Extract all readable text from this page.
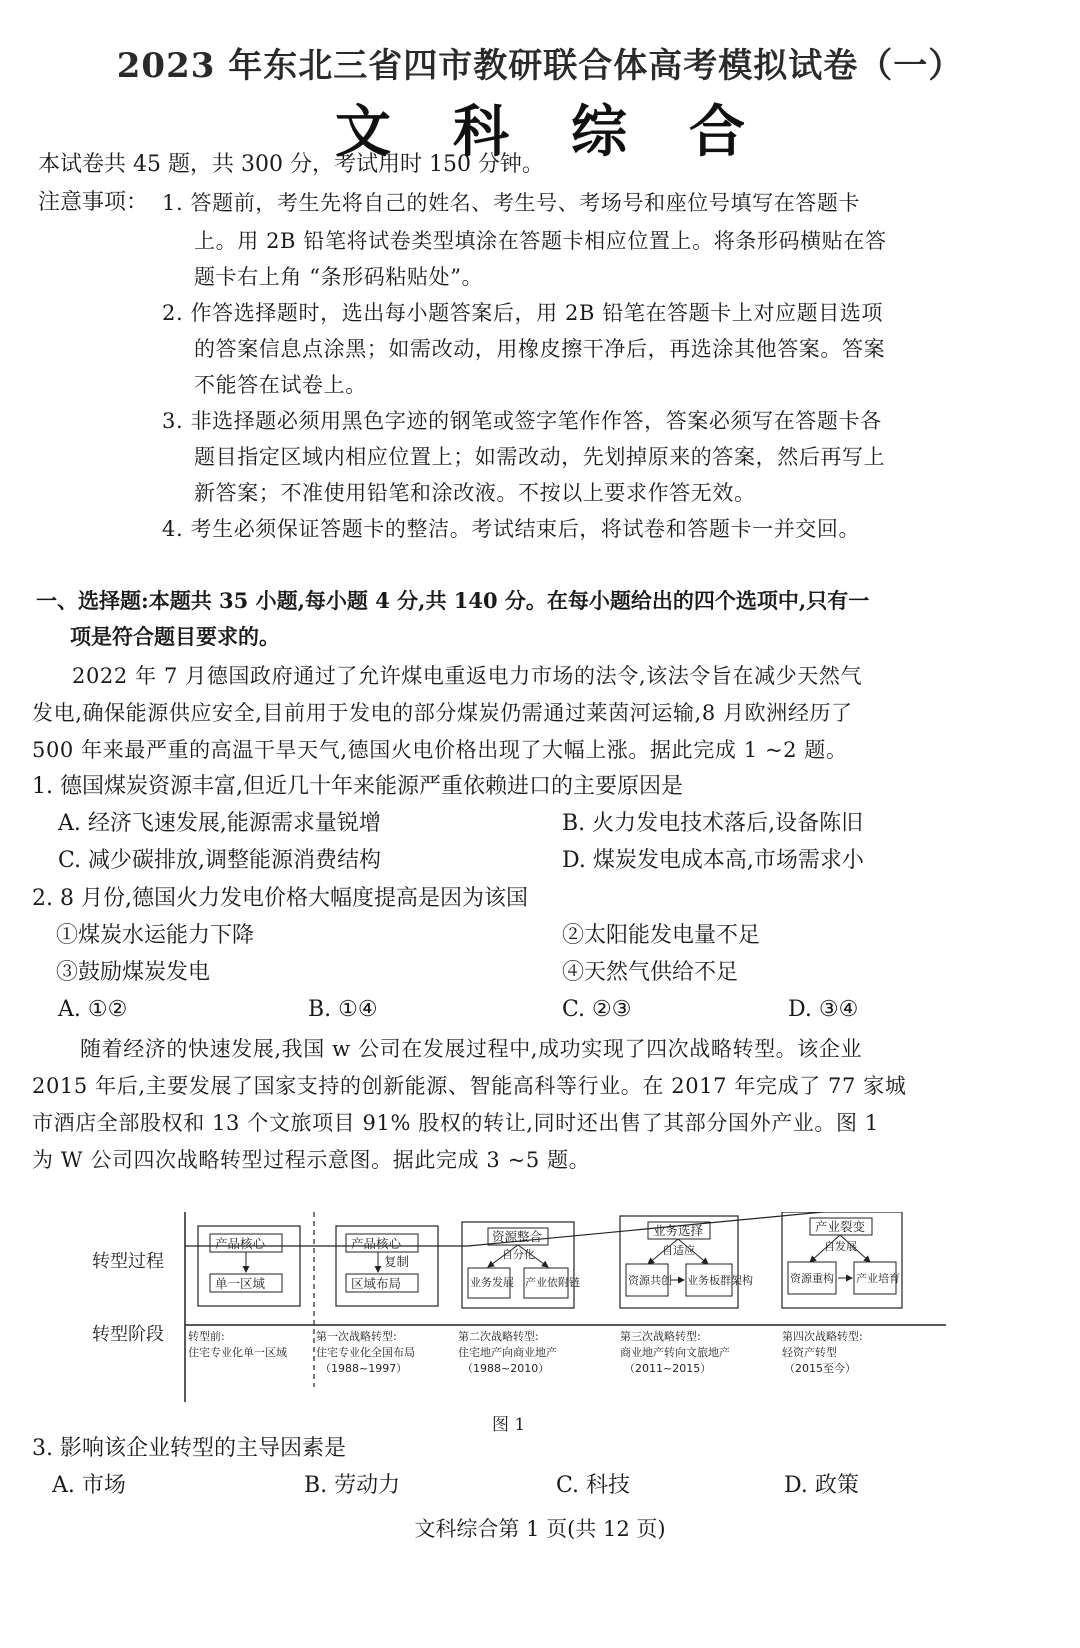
2023 年东北三省四市教研联合体高考模拟试卷（一）
文科综合
本试卷共 45 题，共 300 分，考试用时 150 分钟。
注意事项： 1. 答题前，考生先将自己的姓名、考生号、考场号和座位号填写在答题卡
上。用 2B 铅笔将试卷类型填涂在答题卡相应位置上。将条形码横贴在答
题卡右上角 “条形码粘贴处”。
2. 作答选择题时，选出每小题答案后，用 2B 铅笔在答题卡上对应题目选项
的答案信息点涂黑；如需改动，用橡皮擦干净后，再选涂其他答案。答案
不能答在试卷上。
3. 非选择题必须用黑色字迹的钢笔或签字笔作作答，答案必须写在答题卡各
题目指定区域内相应位置上；如需改动，先划掉原来的答案，然后再写上
新答案；不准使用铅笔和涂改液。不按以上要求作答无效。
4. 考生必须保证答题卡的整洁。考试结束后，将试卷和答题卡一并交回。
一、选择题:本题共 35 小题,每小题 4 分,共 140 分。在每小题给出的四个选项中,只有一
项是符合题目要求的。
2022 年 7 月德国政府通过了允许煤电重返电力市场的法令,该法令旨在减少天然气
发电,确保能源供应安全,目前用于发电的部分煤炭仍需通过莱茵河运输,8 月欧洲经历了
500 年来最严重的高温干旱天气,德国火电价格出现了大幅上涨。据此完成 1 ~2 题。
1. 德国煤炭资源丰富,但近几十年来能源严重依赖进口的主要原因是
A. 经济飞速发展,能源需求量锐增	B. 火力发电技术落后,设备陈旧
C. 减少碳排放,调整能源消费结构	D. 煤炭发电成本高,市场需求小
2. 8 月份,德国火力发电价格大幅度提高是因为该国
①煤炭水运能力下降	②太阳能发电量不足
③鼓励煤炭发电	④天然气供给不足
A. ①②	B. ①④	C. ②③	D. ③④
随着经济的快速发展,我国 w 公司在发展过程中,成功实现了四次战略转型。该企业
2015 年后,主要发展了国家支持的创新能源、智能高科等行业。在 2017 年完成了 77 家城
市酒店全部股权和 13 个文旅项目 91% 股权的转让,同时还出售了其部分国外产业。图 1
为 W 公司四次战略转型过程示意图。据此完成 3 ~5 题。
转型过程
转型阶段
产品核心
单一区域
产品核心
复制
区域布局
资源整合
自分化
业务发展 产业依附链
业务选择
自适应
资源共创 业务板群架构
产业裂变
自发展
资源重构 产业培育
转型前:
住宅专业化单一区域
第一次战略转型:
住宅专业化全国布局
（1988~1997）
第二次战略转型:
住宅地产向商业地产
（1988~2010）
第三次战略转型:
商业地产转向文旅地产
（2011~2015）
第四次战略转型:
轻资产转型
（2015至今）
图 1
3. 影响该企业转型的主导因素是
A. 市场	B. 劳动力	C. 科技	D. 政策
文科综合第 1 页(共 12 页)
